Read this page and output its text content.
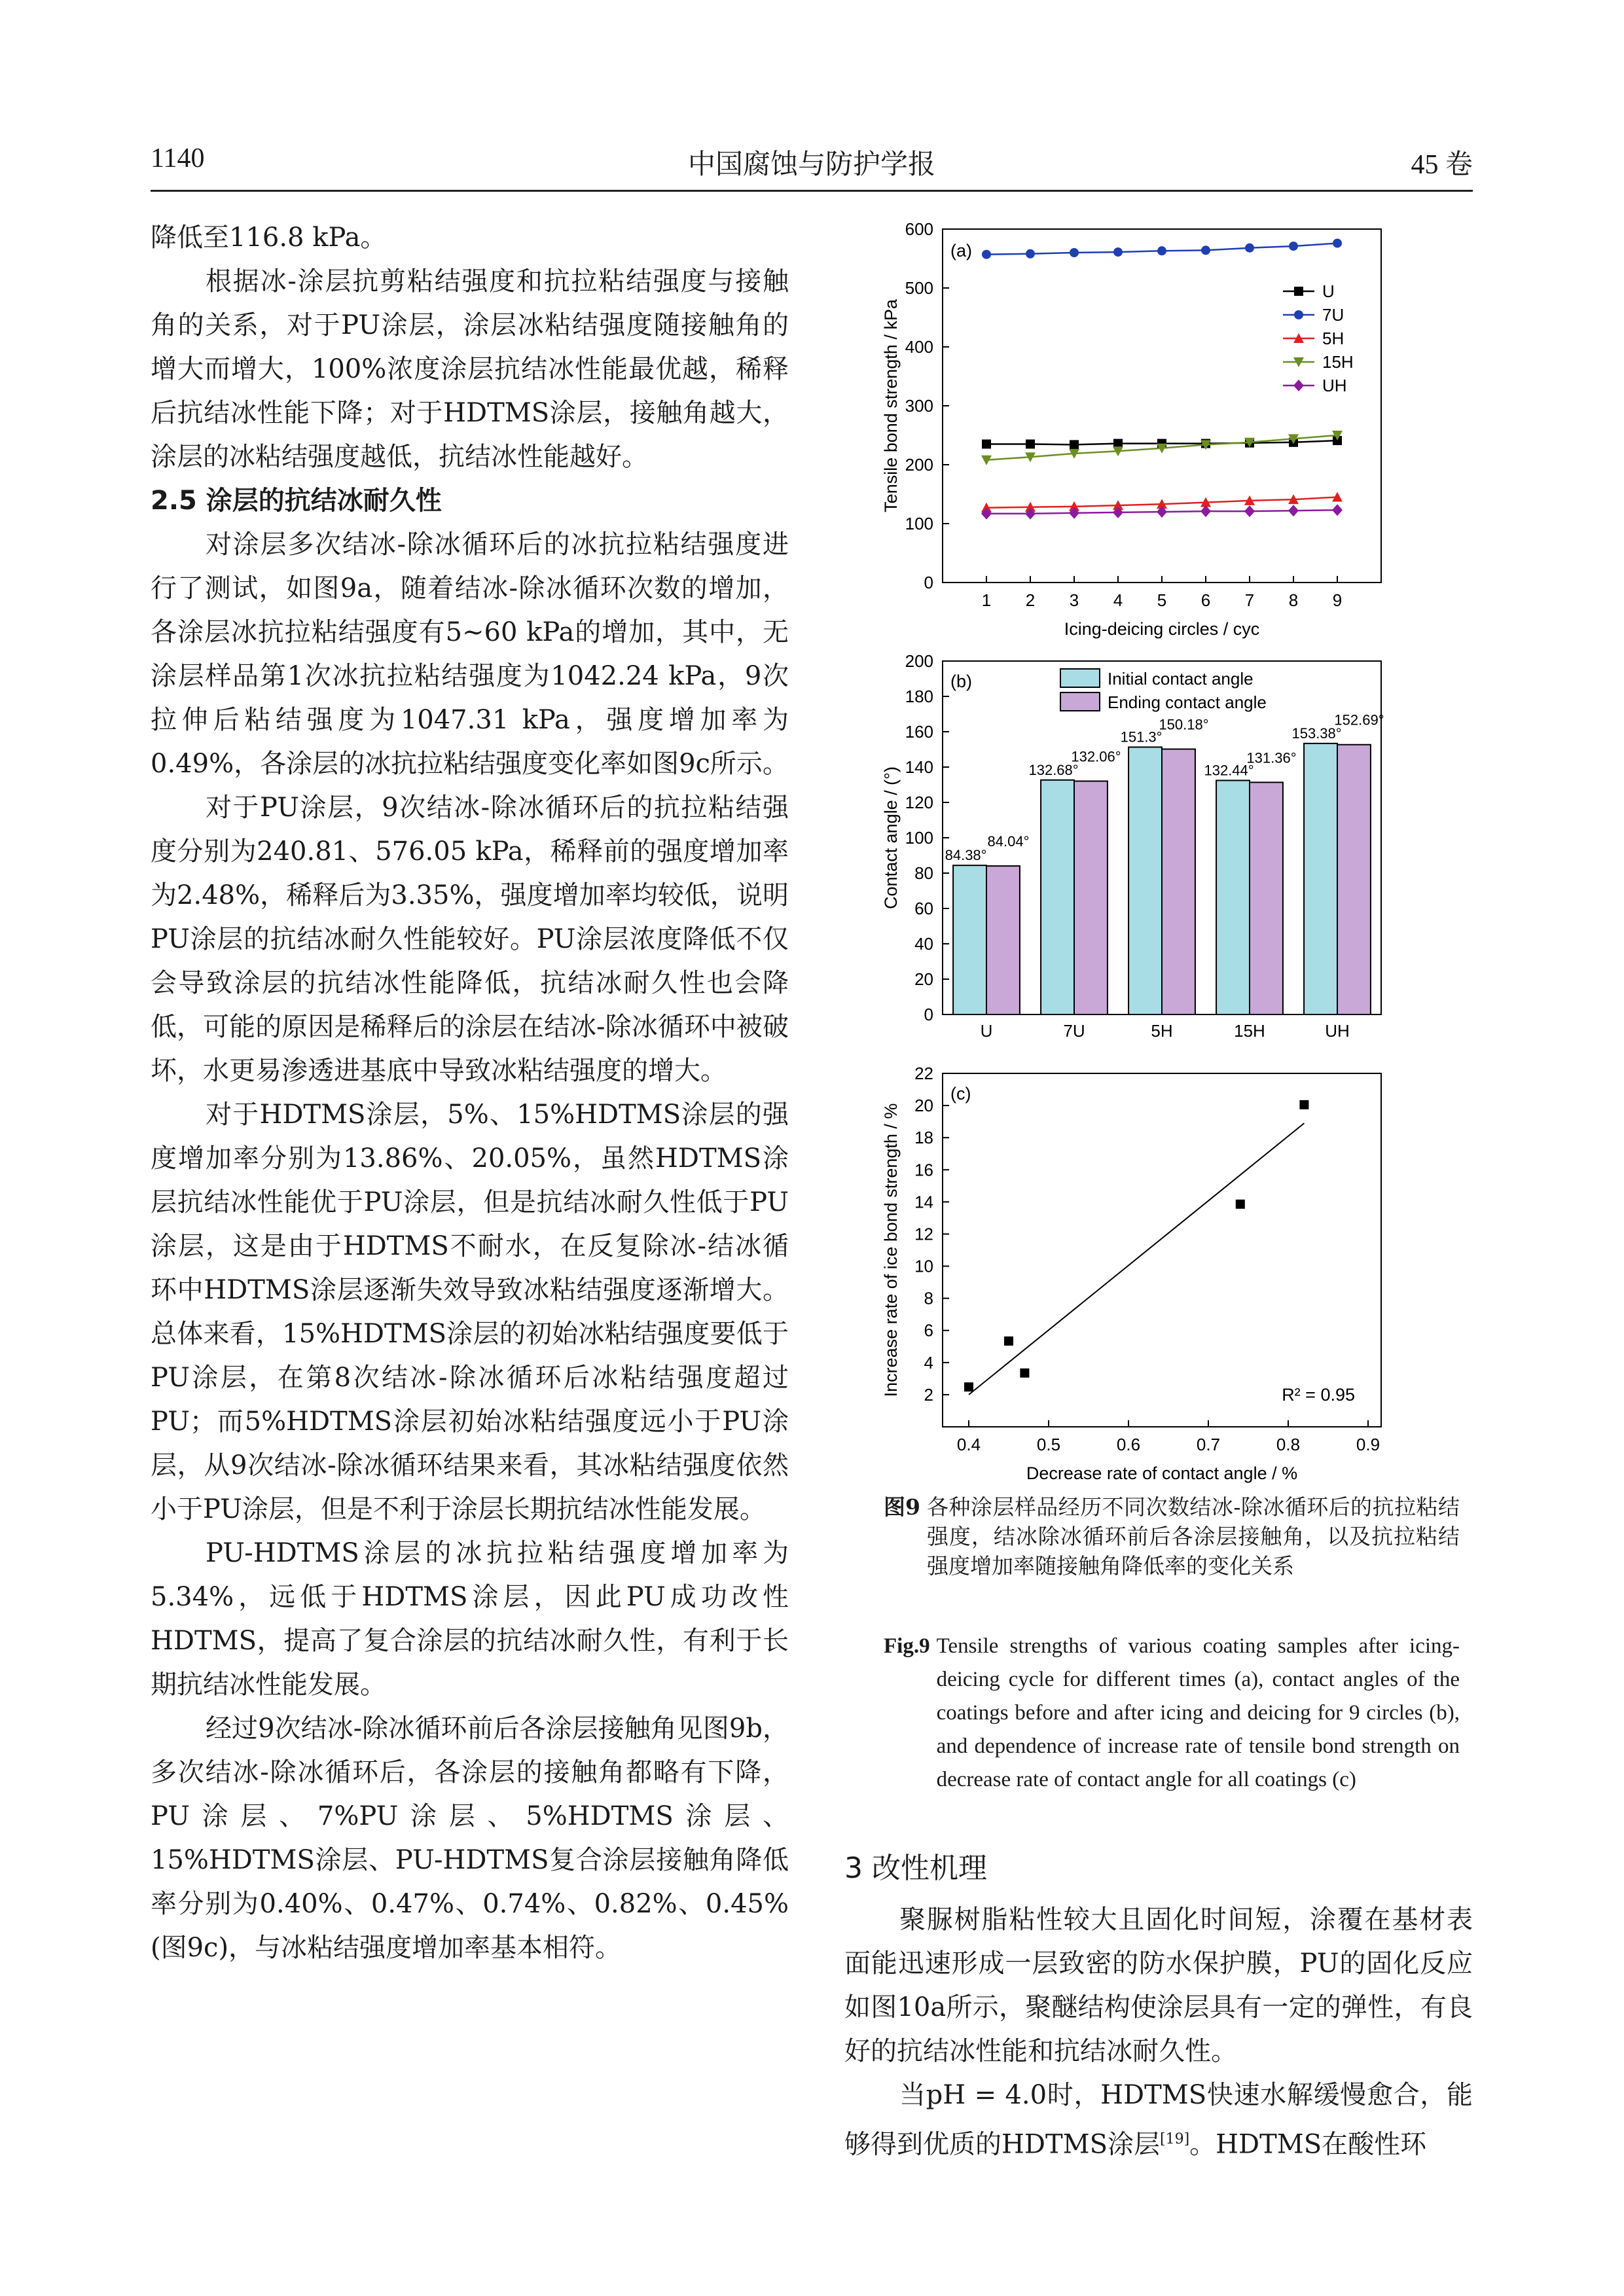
1140	中国腐蚀与防护学报	45 卷

降低至116.8 kPa。

根据冰-涂层抗剪粘结强度和抗拉粘结强度与接触角的关系，对于PU涂层，涂层冰粘结强度随接触角的增大而增大，100%浓度涂层抗结冰性能最优越，稀释后抗结冰性能下降；对于HDTMS涂层，接触角越大，涂层的冰粘结强度越低，抗结冰性能越好。

2.5 涂层的抗结冰耐久性

对涂层多次结冰-除冰循环后的冰抗拉粘结强度进行了测试，如图9a，随着结冰-除冰循环次数的增加，各涂层冰抗拉粘结强度有5~60 kPa的增加，其中，无涂层样品第1次冰抗拉粘结强度为1042.24 kPa，9次拉伸后粘结强度为1047.31 kPa，强度增加率为0.49%，各涂层的冰抗拉粘结强度变化率如图9c所示。

对于PU涂层，9次结冰-除冰循环后的抗拉粘结强度分别为240.81、576.05 kPa，稀释前的强度增加率为2.48%，稀释后为3.35%，强度增加率均较低，说明PU涂层的抗结冰耐久性能较好。PU涂层浓度降低不仅会导致涂层的抗结冰性能降低，抗结冰耐久性也会降低，可能的原因是稀释后的涂层在结冰-除冰循环中被破坏，水更易渗透进基底中导致冰粘结强度的增大。

对于HDTMS涂层，5%、15%HDTMS涂层的强度增加率分别为13.86%、20.05%，虽然HDTMS涂层抗结冰性能优于PU涂层，但是抗结冰耐久性低于PU涂层，这是由于HDTMS不耐水，在反复除冰-结冰循环中HDTMS涂层逐渐失效导致冰粘结强度逐渐增大。总体来看，15%HDTMS涂层的初始冰粘结强度要低于PU涂层，在第8次结冰-除冰循环后冰粘结强度超过PU；而5%HDTMS涂层初始冰粘结强度远小于PU涂层，从9次结冰-除冰循环结果来看，其冰粘结强度依然小于PU涂层，但是不利于涂层长期抗结冰性能发展。

PU-HDTMS涂层的冰抗拉粘结强度增加率为5.34%，远低于HDTMS涂层，因此PU成功改性HDTMS，提高了复合涂层的抗结冰耐久性，有利于长期抗结冰性能发展。

经过9次结冰-除冰循环前后各涂层接触角见图9b，多次结冰-除冰循环后，各涂层的接触角都略有下降，PU涂层、7%PU涂层、5%HDTMS涂层、15%HDTMS涂层、PU-HDTMS复合涂层接触角降低率分别为0.40%、0.47%、0.74%、0.82%、0.45% (图9c)，与冰粘结强度增加率基本相符。

0
100
200
300
400
500
600
1 2 3 4 5 6 7 8 9
Icing-deicing circles / cyc
Tensile bond strength / kPa
(a)
U
7U
5H
15H
UH
0
20
40
60
80
100
120
140
160
180
200
84.38°
84.04°
U
132.68°
132.06°
7U
151.3°
150.18°
5H
132.44°
131.36°
15H
153.38°
152.69°
UH
Contact angle / (°)
(b)	Initial contact angle
Ending contact angle
2
4
6
8
10
12
14
16
18
20
22
0.4	0.5	0.6	0.7	0.8	0.9
R² = 0.95
Decrease rate of contact angle / %
Increase rate of ice bond strength / %
(c)
图9 各种涂层样品经历不同次数结冰-除冰循环后的抗拉粘结强度，结冰除冰循环前后各涂层接触角，以及抗拉粘结强度增加率随接触角降低率的变化关系
Fig.9 Tensile strengths of various coating samples after icing-deicing cycle for different times (a), contact angles of the coatings before and after icing and deicing for 9 circles (b), and dependence of increase rate of tensile bond strength on decrease rate of contact angle for all coatings (c)

3 改性机理

聚脲树脂粘性较大且固化时间短，涂覆在基材表面能迅速形成一层致密的防水保护膜，PU的固化反应如图10a所示，聚醚结构使涂层具有一定的弹性，有良好的抗结冰性能和抗结冰耐久性。

当pH = 4.0时，HDTMS快速水解缓慢愈合，能够得到优质的HDTMS涂层[19]。HDTMS在酸性环
